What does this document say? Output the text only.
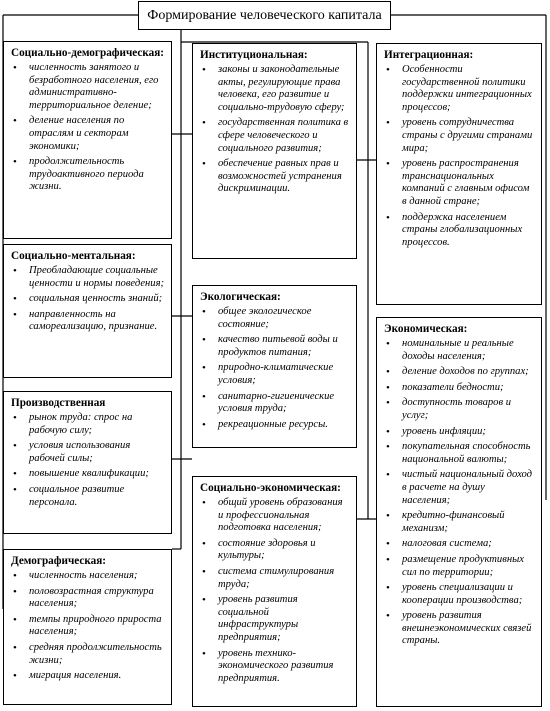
Формирование человеческого капитала
Социально-демографическая:
• численность занятого и безработного населения, его административно-территориальное деление;
• деление населения по отраслям и секторам экономики;
• продолжительность трудоактивного периода жизни.
Социально-ментальная:
• Преобладающие социальные ценности и нормы поведения;
• социальная ценность знаний;
• направленность на самореализацию, признание.
Производственная
• рынок труда: спрос на рабочую силу;
• условия использования рабочей силы;
• повышение квалификации;
• социальное развитие персонала.
Демографическая:
• численность населения;
• половозрастная структура населения;
• темпы природного прироста населения;
• средняя продолжительность жизни;
• миграция населения.
Институциональная:
• законы и законодательные акты, регулирующие права человека, его развитие и социально-трудовую сферу;
• государственная политика в сфере человеческого и социального развития;
• обеспечение равных прав и возможностей устранения дискриминации.
Экологическая:
• общее экологическое состояние;
• качество питьевой воды и продуктов питания;
• природно-климатические условия;
• санитарно-гигиенические условия труда;
• рекреационные ресурсы.
Социально-экономическая:
• общий уровень образования и профессиональная подготовка населения;
• состояние здоровья и культуры;
• система стимулирования труда;
• уровень развития социальной инфраструктуры предприятия;
• уровень технико-экономического развития предприятия.
Интеграционная:
• Особенности государственной политики поддержки интеграционных процессов;
• уровень сотрудничества страны с другими странами мира;
• уровень распространения транснациональных компаний с главным офисом в данной стране;
• поддержка населением страны глобализационных процессов.
Экономическая:
• номинальные и реальные доходы населения;
• деление доходов по группах;
• показатели бедности;
• доступность товаров и услуг;
• уровень инфляции;
• покупательная способность национальной валюты;
• чистый национальный доход в расчете на душу населения;
• кредитно-финансовый механизм;
• налоговая система;
• размещение продуктивных сил по территории;
• уровень специализации и кооперации производства;
• уровень развития внешнеэкономических связей страны.
